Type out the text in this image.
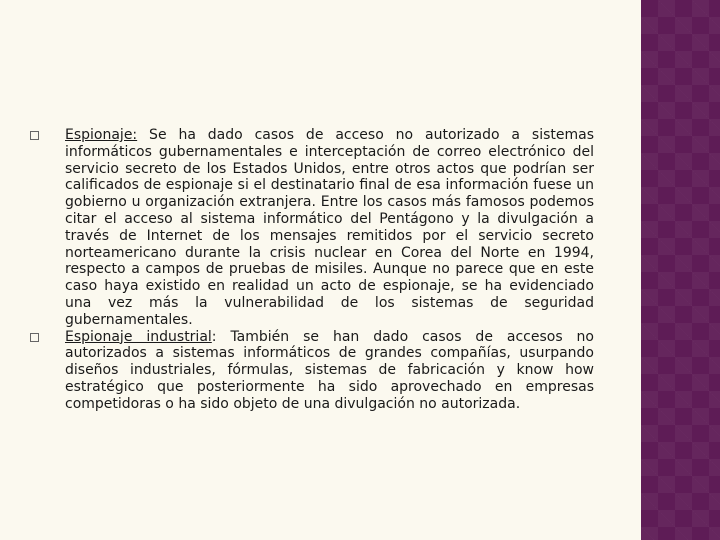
Espionaje: Se ha dado casos de acceso no autorizado a sistemas informáticos gubernamentales e interceptación de correo electrónico del servicio secreto de los Estados Unidos, entre otros actos que podrían ser calificados de espionaje si el destinatario final de esa información fuese un gobierno u organización extranjera. Entre los casos más famosos podemos citar el acceso al sistema informático del Pentágono y la divulgación a través de Internet de los mensajes remitidos por el servicio secreto norteamericano durante la crisis nuclear en Corea del Norte en 1994, respecto a campos de pruebas de misiles. Aunque no parece que en este caso haya existido en realidad un acto de espionaje, se ha evidenciado una vez más la vulnerabilidad de los sistemas de seguridad gubernamentales.
Espionaje industrial: También se han dado casos de accesos no autorizados a sistemas informáticos de grandes compañías, usurpando diseños industriales, fórmulas, sistemas de fabricación y know how estratégico que posteriormente ha sido aprovechado en empresas competidoras o ha sido objeto de una divulgación no autorizada.
